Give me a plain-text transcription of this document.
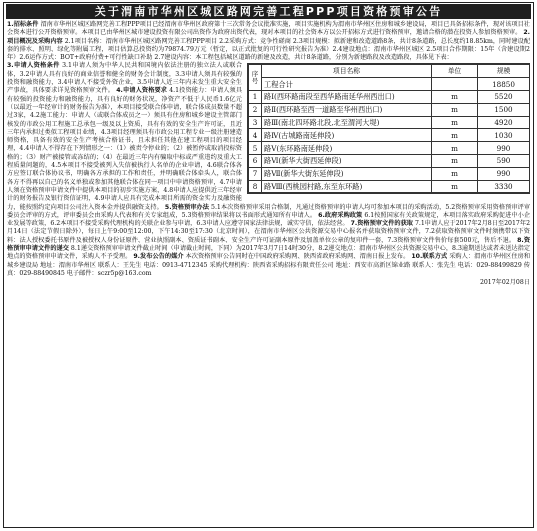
关于渭南市华州区城区路网完善工程PPP项目资格预审公告

1.招标条件 渭南市华州区城区路网完善工程PPP项目已经渭南市华州区政府第十三次常务会议批准实施，项目实施机构为渭南市华州区住房和城乡建设局，项目已具备招标条件，现对该项目社会资本进行公开资格预审。本项目已由华州区城市建设投资有限公司出资作为政府出资代表，现对本项目的社会资本方以公开招标方式进行资格预审，邀请合格的潜在投资人参加资格预审。 2.项目概况及采购内容 2.1项目名称：渭南市华州区城区路网完善工程PPP项目 2.2采购方式：竞争性磋商 2.3项目规模：拟新建和改造道路8条，共计8条道路，总长度约18.85km，同时建设配套的排水、照明、绿化等附属工程，项目估算总投资约为79874.79万元（暂定，以正式批复的可行性研究报告为准）2.4建设地点：渭南市华州区城区 2.5项目合作期限：15年（含建设期2年）2.6运作方式：BOT+政府付费+可行性缺口补助 2.7建设内容：本工程包括城区道路的新建及改造，共计8条道路，分别为新建路段及改造路段，具体见下表：

序号	项目名称	单位	规模
	工程合计		18850
1	路Ⅰ(西环路南段至西华路南延华州西出口)	m	5520
2	路Ⅱ(西环路至西一道路至华州西出口)	m	1500
3	路Ⅲ(南北四环路北段,北至渭河大堤)	m	4920
4	路Ⅳ(古城路南延伸段)	m	1030
5	路Ⅴ(东环路南延伸段)	m	990
6	路Ⅵ(新华大街西延伸段)	m	590
7	路Ⅶ(新华大街东延伸段)	m	990
8	路Ⅷ(西桃园村路,东至东环路)	m	3330

3.申请人资格条件 3.1申请人须为中华人民共和国境内依法注册的独立法人或联合体，3.2申请人具有良好的商业信誉和健全的财务会计制度，3.3申请人须具有较强的投资和融资能力，3.4申请人不接受外资企业，3.5申请人近三年内未发生重大安全生产事故，具体要求详见资格预审文件。 4.申请人资格要求 4.1投资能力：申请人须具有较强的投资能力和融资能力，具有良好的财务状况，净资产不低于人民币1.6亿元（以最近一年经审计的财务报告为准），本项目接受联合体申请，联合体成员数量不超过3家，4.2施工能力：申请人（或联合体成员之一）须具有住房和城乡建设主管部门核发的市政公用工程施工总承包一级及以上资质，具有有效的安全生产许可证，且近三年内承担过类似工程项目业绩，4.3项目经理须具有市政公用工程专业一级注册建造师资格，具备有效的安全生产考核合格证书，且未担任其他在建工程项目的项目经理，4.4申请人不得存在下列情形之一：（1）被责令停业的；（2）被暂停或取消投标资格的；（3）财产被接管或冻结的；（4）在最近三年内有骗取中标或严重违约及重大工程质量问题的，4.5本项目不接受被列入失信被执行人名单的企业申请，4.6联合体各方应签订联合体协议书，明确各方承担的工作和责任，并明确联合体牵头人，联合体各方不得再以自己的名义单独或参加其他联合体在同一项目中申请资格预审，4.7申请人须在资格预审申请文件中提供本项目的初步实施方案，4.8申请人应提供近三年经审计的财务报告及银行资信证明，4.9申请人应具有完成本项目所需的资金实力及融资能力，能按照约定向项目公司注入资本金并提供融资支持。 5.资格预审办法 5.1本次资格预审采用合格制，凡通过资格预审的申请人均可参加本项目的采购活动，5.2资格预审采用资格预审评审委员会评审的方式，评审委员会由采购人代表和有关专家组成，5.3资格预审结果将以书面形式通知所有申请人。 6.政府采购政策 6.1按照国家有关政策规定，本项目落实政府采购促进中小企业发展等政策，6.2本项目不接受采购代理机构的关联企业参与申请，6.3申请人应遵守国家法律法规，诚实守信，依法经营。 7.资格预审文件的获取 7.1申请人应于2017年2月8日至2017年2月14日（法定节假日除外），每日上午9:00至12:00，下午14:30至17:30（北京时间），在渭南市华州区公共资源交易中心报名并获取资格预审文件，7.2获取资格预审文件时须携带以下资料：法人授权委托书原件及被授权人身份证原件、营业执照副本、资质证书副本、安全生产许可证副本原件及加盖单位公章的复印件一套，7.3资格预审文件售价每套500元，售后不退。 8.资格预审申请文件的递交 8.1递交资格预审申请文件截止时间（申请截止时间，下同）为2017年3月7日14时30分，8.2递交地点：渭南市华州区公共资源交易中心，8.3逾期送达或者未送达指定地点的资格预审申请文件，采购人不予受理。 9.发布公告的媒介 本次资格预审公告同时在中国政府采购网、陕西省政府采购网、渭南日报上发布。 10.联系方式 采购人：渭南市华州区住房和城乡建设局 地址：渭南市华州区 联系人：王先生 电话：0913-4712345 采购代理机构：陕西省采购招标有限责任公司 地址：西安市高新区锦业路 联系人：张先生 电话：029-88499829 传真：029-88490845 电子邮件：sczr5p@163.com

2017年02月08日
